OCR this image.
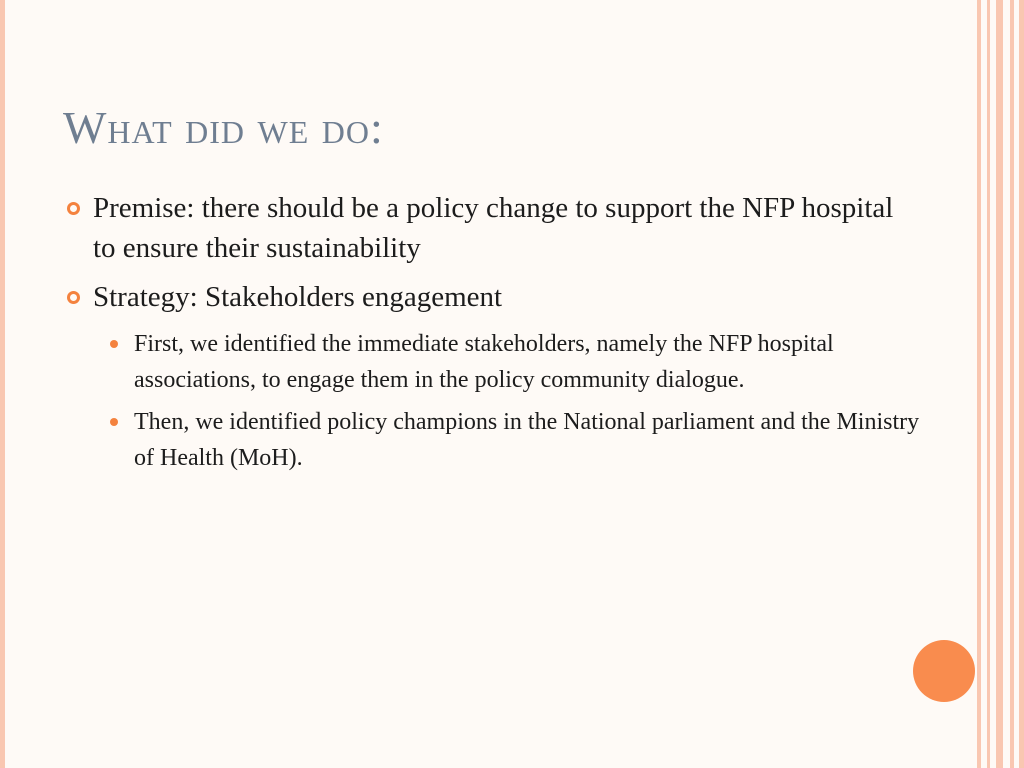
What did we do:
Premise: there should be a policy change to support the NFP hospital to ensure their sustainability
Strategy: Stakeholders engagement
First, we identified the immediate stakeholders, namely the NFP hospital associations, to engage them in the policy community dialogue.
Then, we identified policy champions in the National parliament and the Ministry of Health (MoH).
